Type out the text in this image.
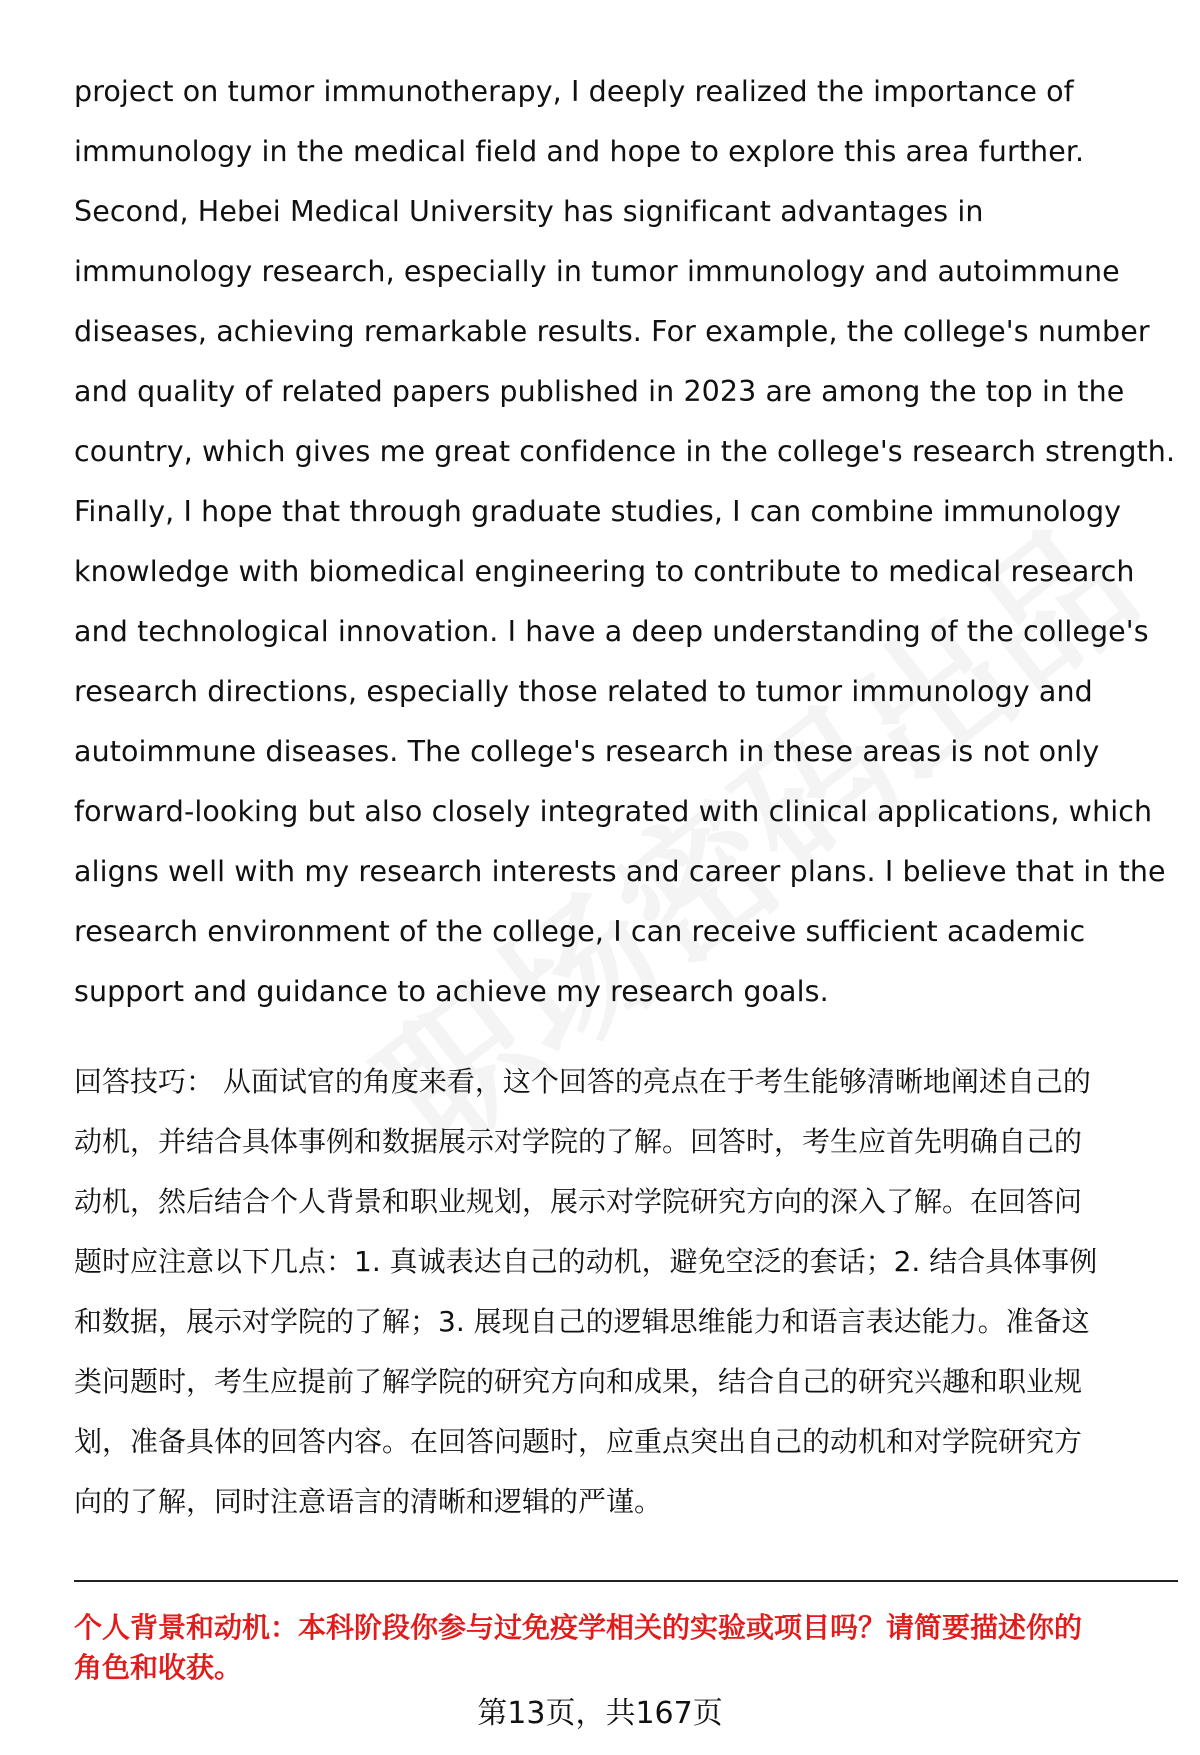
project on tumor immunotherapy, I deeply realized the importance of

immunology in the medical field and hope to explore this area further.

Second, Hebei Medical University has significant advantages in

immunology research, especially in tumor immunology and autoimmune

diseases, achieving remarkable results. For example, the college's number

and quality of related papers published in 2023 are among the top in the

country, which gives me great confidence in the college's research strength.

Finally, I hope that through graduate studies, I can combine immunology

knowledge with biomedical engineering to contribute to medical research

and technological innovation. I have a deep understanding of the college's

research directions, especially those related to tumor immunology and

autoimmune diseases. The college's research in these areas is not only

forward-looking but also closely integrated with clinical applications, which

aligns well with my research interests and career plans. I believe that in the

research environment of the college, I can receive sufficient academic

support and guidance to achieve my research goals.

回答技巧： 从面试官的角度来看，这个回答的亮点在于考生能够清晰地阐述自己的

动机，并结合具体事例和数据展示对学院的了解。回答时，考生应首先明确自己的

动机，然后结合个人背景和职业规划，展示对学院研究方向的深入了解。在回答问

题时应注意以下几点：1. 真诚表达自己的动机，避免空泛的套话；2. 结合具体事例

和数据，展示对学院的了解；3. 展现自己的逻辑思维能力和语言表达能力。准备这

类问题时，考生应提前了解学院的研究方向和成果，结合自己的研究兴趣和职业规

划，准备具体的回答内容。在回答问题时，应重点突出自己的动机和对学院研究方

向的了解，同时注意语言的清晰和逻辑的严谨。

个人背景和动机：本科阶段你参与过免疫学相关的实验或项目吗？请简要描述你的

角色和收获。

第13页，共167页
